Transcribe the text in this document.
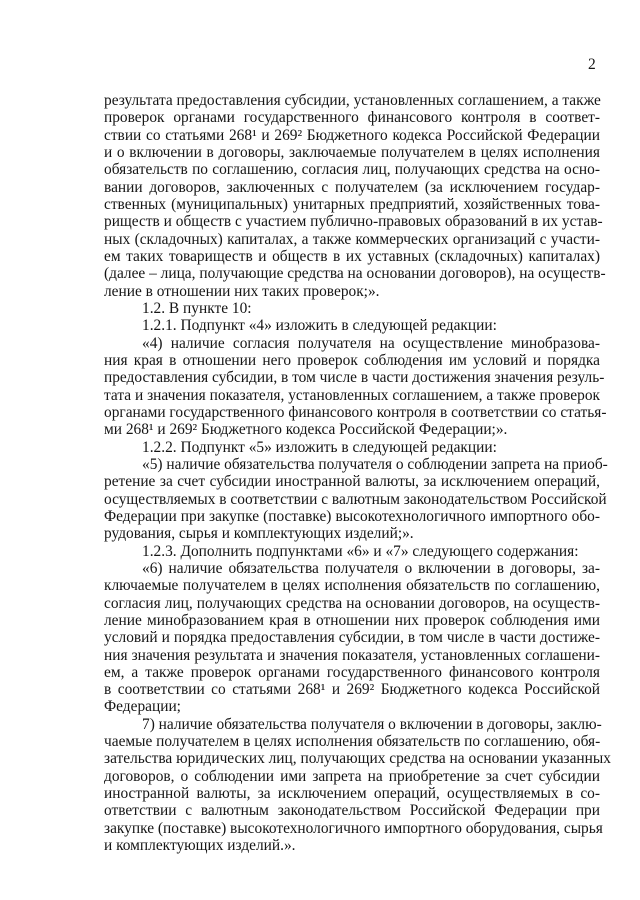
2
результата предоставления субсидии, установленных соглашением, а также
проверок органами государственного финансового контроля в соответ-
ствии со статьями 268¹ и 269² Бюджетного кодекса Российской Федерации
и о включении в договоры, заключаемые получателем в целях исполнения
обязательств по соглашению, согласия лиц, получающих средства на осно-
вании договоров, заключенных с получателем (за исключением государ-
ственных (муниципальных) унитарных предприятий, хозяйственных това-
риществ и обществ с участием публично-правовых образований в их устав-
ных (складочных) капиталах, а также коммерческих организаций с участи-
ем таких товариществ и обществ в их уставных (складочных) капиталах)
(далее – лица, получающие средства на основании договоров), на осуществ-
ление в отношении них таких проверок;».
1.2. В пункте 10:
1.2.1. Подпункт «4» изложить в следующей редакции:
«4) наличие согласия получателя на осуществление минобразова-
ния края в отношении него проверок соблюдения им условий и порядка
предоставления субсидии, в том числе в части достижения значения резуль-
тата и значения показателя, установленных соглашением, а также проверок
органами государственного финансового контроля в соответствии со статья-
ми 268¹ и 269² Бюджетного кодекса Российской Федерации;».
1.2.2. Подпункт «5» изложить в следующей редакции:
«5) наличие обязательства получателя о соблюдении запрета на приоб-
ретение за счет субсидии иностранной валюты, за исключением операций,
осуществляемых в соответствии с валютным законодательством Российской
Федерации при закупке (поставке) высокотехнологичного импортного обо-
рудования, сырья и комплектующих изделий;».
1.2.3. Дополнить подпунктами «6» и «7» следующего содержания:
«6) наличие обязательства получателя о включении в договоры, за-
ключаемые получателем в целях исполнения обязательств по соглашению,
согласия лиц, получающих средства на основании договоров, на осуществ-
ление минобразованием края в отношении них проверок соблюдения ими
условий и порядка предоставления субсидии, в том числе в части достиже-
ния значения результата и значения показателя, установленных соглашени-
ем, а также проверок органами государственного финансового контроля
в соответствии со статьями 268¹ и 269² Бюджетного кодекса Российской
Федерации;
7) наличие обязательства получателя о включении в договоры, заклю-
чаемые получателем в целях исполнения обязательств по соглашению, обя-
зательства юридических лиц, получающих средства на основании указанных
договоров, о соблюдении ими запрета на приобретение за счет субсидии
иностранной валюты, за исключением операций, осуществляемых в со-
ответствии с валютным законодательством Российской Федерации при
закупке (поставке) высокотехнологичного импортного оборудования, сырья
и комплектующих изделий.».
